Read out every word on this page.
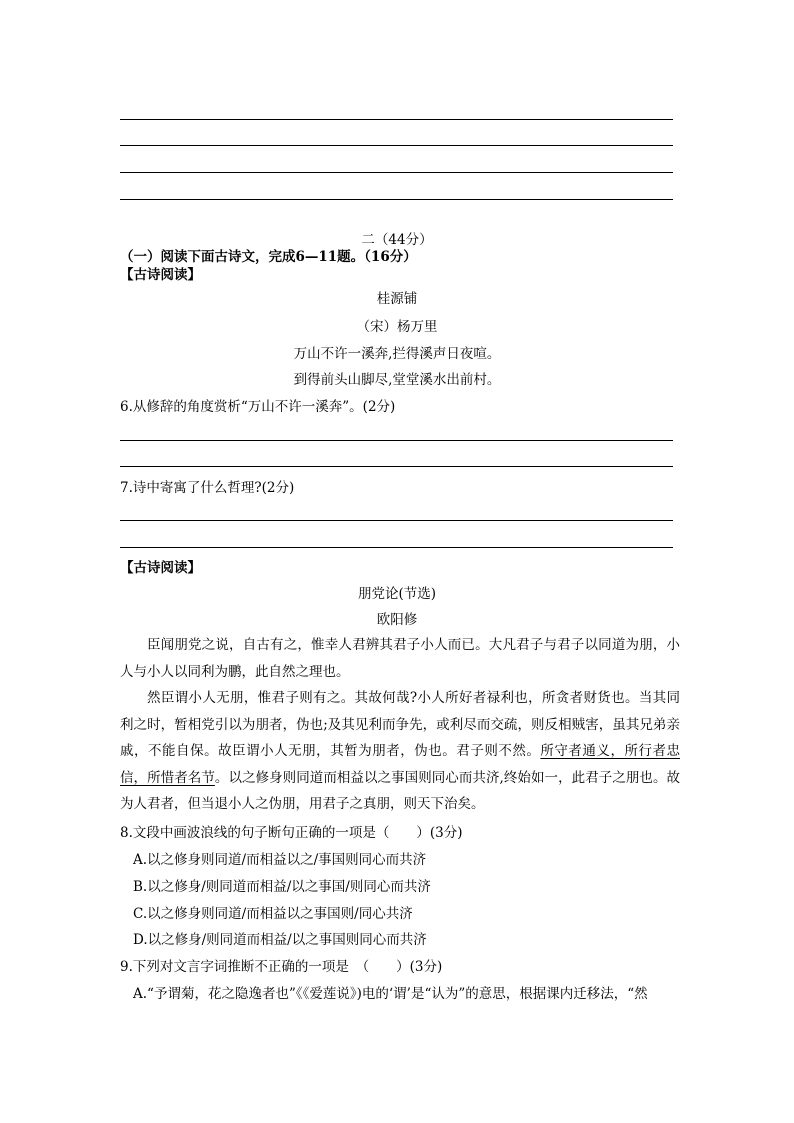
二（44分）
（一）阅读下面古诗文，完成6—11题。（16分）
【古诗阅读】
桂源铺
（宋）杨万里
万山不许一溪奔,拦得溪声日夜喧。
到得前头山脚尽,堂堂溪水出前村。
6.从修辞的角度赏析“万山不许一溪奔”。(2分)
7.诗中寄寓了什么哲理?(2分)
【古诗阅读】
朋党论(节选)
欧阳修
臣闻朋党之说，自古有之，惟幸人君辨其君子小人而已。大凡君子与君子以同道为朋，小人与小人以同利为鹏，此自然之理也。
然臣谓小人无朋，惟君子则有之。其故何哉?小人所好者禄利也，所贪者财货也。当其同利之时，暂相党引以为朋者，伪也;及其见利而争先，或利尽而交疏，则反相贼害，虽其兄弟亲戚，不能自保。故臣谓小人无朋，其暂为朋者，伪也。君子则不然。所守者通义，所行者忠信，所惜者名节。以之修身则同道而相益以之事国则同心而共济,终始如一，此君子之朋也。故为人君者，但当退小人之伪朋，用君子之真朋，则天下治矣。
8.文段中画波浪线的句子断句正确的一项是（　　）(3分)
A.以之修身则同道/而相益以之/事国则同心而共济
B.以之修身/则同道而相益/以之事国/则同心而共济
C.以之修身则同道/而相益以之事国则/同心共济
D.以之修身/则同道而相益/以之事国则同心而共济
9.下列对文言字词推断不正确的一项是　（　　）(3分)
A.“予谓菊，花之隐逸者也”《《爱莲说》)电的‘谓’是“认为”的意思，根据课内迁移法，“然
